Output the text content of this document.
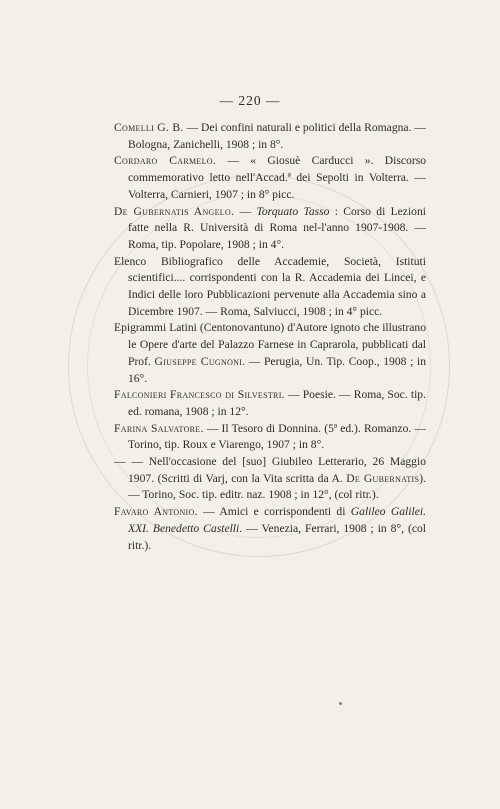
— 220 —

Comelli G. B. — Dei confini naturali e politici della Romagna. — Bologna, Zanichelli, 1908 ; in 8°.

Cordaro Carmelo. — « Giosuè Carducci ». Discorso commemorativo letto nell'Accad.ª dei Sepolti in Volterra. — Volterra, Carnieri, 1907 ; in 8° picc.

De Gubernatis Angelo. — Torquato Tasso : Corso di Lezioni fatte nella R. Università di Roma nel-l'anno 1907-1908. — Roma, tip. Popolare, 1908 ; in 4°.

Elenco Bibliografico delle Accademie, Società, Istituti scientifici.... corrispondenti con la R. Accademia dei Lincei, e Indici delle loro Pubblicazioni pervenute alla Accademia sino a Dicembre 1907. — Roma, Salviucci, 1908 ; in 4° picc.

Epigrammi Latini (Centonovantuno) d'Autore ignoto che illustrano le Opere d'arte del Palazzo Farnese in Caprarola, pubblicati dal Prof. Giuseppe Cugnoni. — Perugia, Un. Tip. Coop., 1908 ; in 16°.

Falconieri Francesco di Silvestri. — Poesie. — Roma, Soc. tip. ed. romana, 1908 ; in 12°.

Farina Salvatore. — Il Tesoro di Donnina. (5ª ed.). Romanzo. — Torino, tip. Roux e Viarengo, 1907 ; in 8°.

— — Nell'occasione del [suo] Giubileo Letterario, 26 Maggio 1907. (Scritti di Varj, con la Vita scritta da A. De Gubernatis). — Torino, Soc. tip. editr. naz. 1908 ; in 12°, (col ritr.).

Favaro Antonio. — Amici e corrispondenti di Galileo Galilei. XXI. Benedetto Castelli. — Venezia, Ferrari, 1908 ; in 8°, (col ritr.).
